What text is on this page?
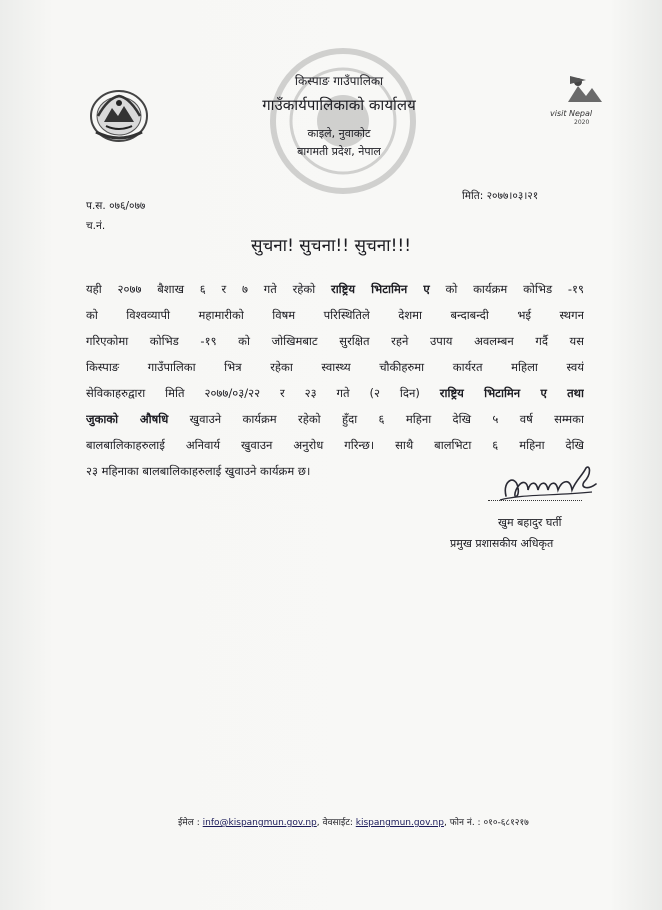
visit Nepal
2020
किस्पाङ गाउँपालिका
गाउँकार्यपालिकाको कार्यालय
काइले, नुवाकोट
बागमती प्रदेश, नेपाल
मिति: २०७७।०३।२१
प.स. ०७६/०७७
च.नं.
सुचना! सुचना!! सुचना!!!
यही २०७७ बैशाख ६ र ७ गते रहेको राष्ट्रिय भिटामिन ए को कार्यक्रम कोभिड -१९
को विश्वव्यापी महामारीको विषम परिस्थितिले देशमा बन्दाबन्दी भई स्थगन
गरिएकोमा कोभिड -१९ को जोखिमबाट सुरक्षित रहने उपाय अवलम्बन गर्दै यस
किस्पाङ गाउँपालिका भित्र रहेका स्वास्थ्य चौकीहरुमा कार्यरत महिला स्वयं
सेविकाहरुद्वारा मिति २०७७/०३/२२ र २३ गते (२ दिन) राष्ट्रिय भिटामिन ए तथा
जुकाको औषधि खुवाउने कार्यक्रम रहेको हुँदा ६ महिना देखि ५ वर्ष सम्मका
बालबालिकाहरुलाई अनिवार्य खुवाउन अनुरोध गरिन्छ। साथै बालभिटा ६ महिना देखि
२३ महिनाका बालबालिकाहरुलाई खुवाउने कार्यक्रम छ।
खुम बहादुर घर्ती
प्रमुख प्रशासकीय अधिकृत
ईमेल : info@kispangmun.gov.np, वेवसाईट: kispangmun.gov.np, फोन नं. : ०१०-६८१२१७
